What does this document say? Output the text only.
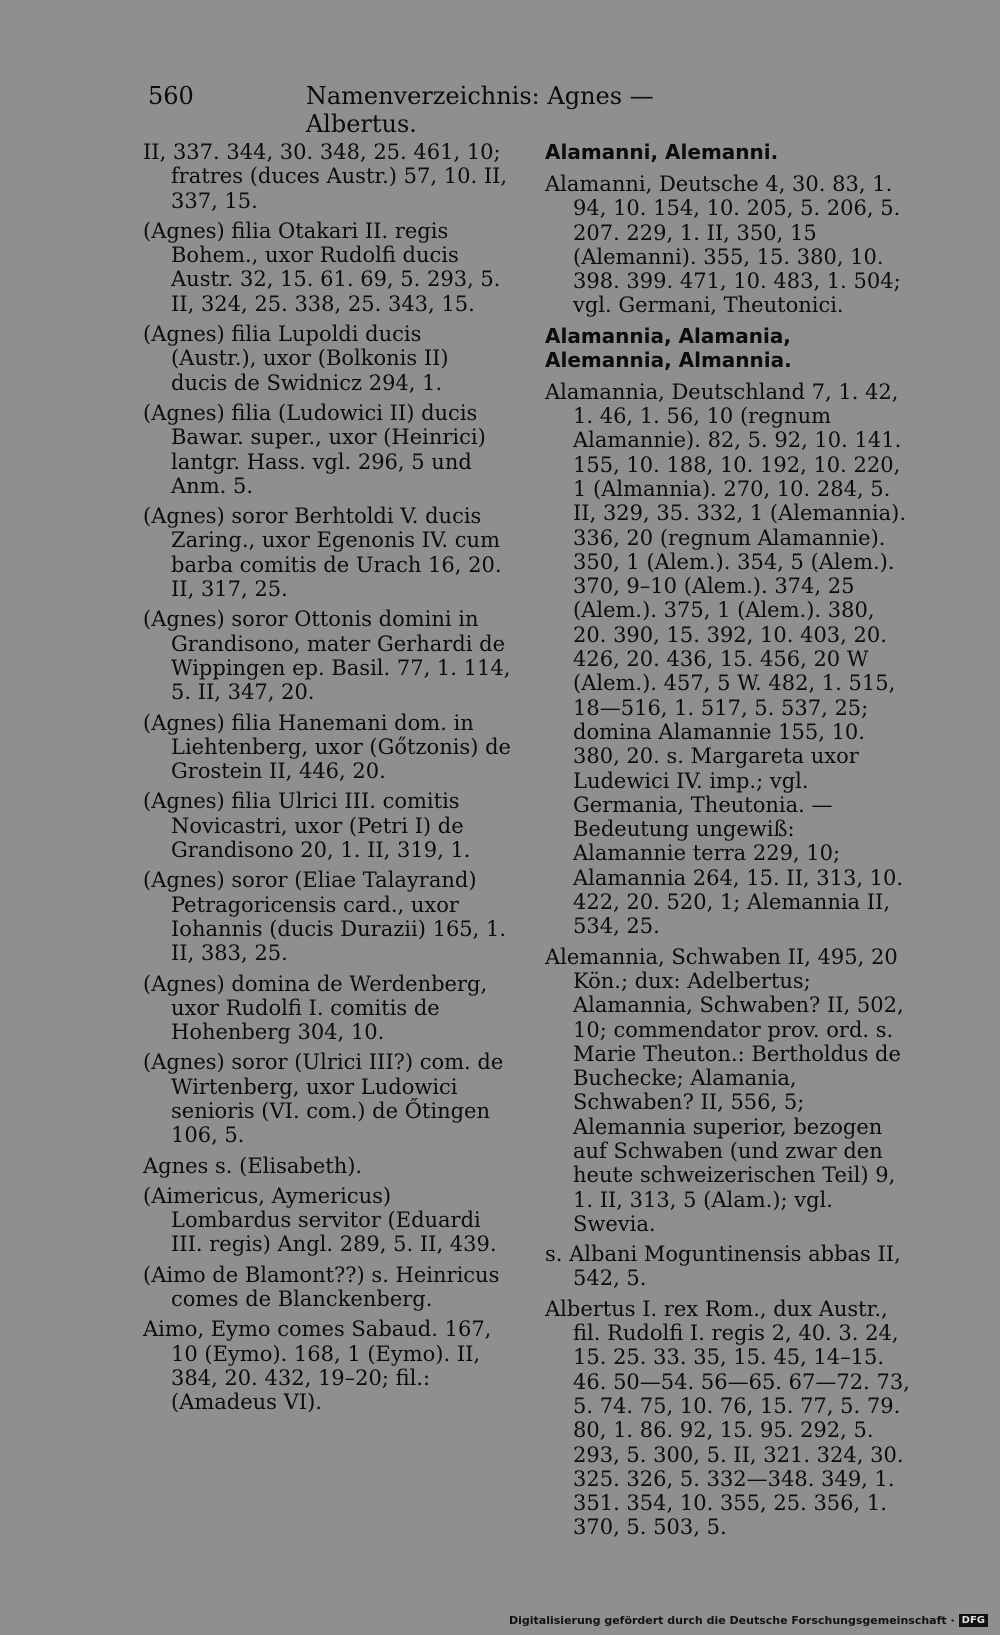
560	Namenverzeichnis: Agnes — Albertus.

II, 337. 344, 30. 348, 25. 461, 10; fratres (duces Austr.) 57, 10. II, 337, 15.

(Agnes) filia Otakari II. regis Bohem., uxor Rudolfi ducis Austr. 32, 15. 61. 69, 5. 293, 5. II, 324, 25. 338, 25. 343, 15.

(Agnes) filia Lupoldi ducis (Austr.), uxor (Bolkonis II) ducis de Swidnicz 294, 1.

(Agnes) filia (Ludowici II) ducis Bawar. super., uxor (Heinrici) lantgr. Hass. vgl. 296, 5 und Anm. 5.

(Agnes) soror Berhtoldi V. ducis Zaring., uxor Egenonis IV. cum barba comitis de Urach 16, 20. II, 317, 25.

(Agnes) soror Ottonis domini in Grandisono, mater Gerhardi de Wippingen ep. Basil. 77, 1. 114, 5. II, 347, 20.

(Agnes) filia Hanemani dom. in Liehtenberg, uxor (Gőtzonis) de Grostein II, 446, 20.

(Agnes) filia Ulrici III. comitis Novicastri, uxor (Petri I) de Grandisono 20, 1. II, 319, 1.

(Agnes) soror (Eliae Talayrand) Petragoricensis card., uxor Iohannis (ducis Durazii) 165, 1. II, 383, 25.

(Agnes) domina de Werdenberg, uxor Rudolfi I. comitis de Hohenberg 304, 10.

(Agnes) soror (Ulrici III?) com. de Wirtenberg, uxor Ludowici senioris (VI. com.) de Őtingen 106, 5.

Agnes s. (Elisabeth).

(Aimericus, Aymericus) Lombardus servitor (Eduardi III. regis) Angl. 289, 5. II, 439.

(Aimo de Blamont??) s. Heinricus comes de Blanckenberg.

Aimo, Eymo comes Sabaud. 167, 10 (Eymo). 168, 1 (Eymo). II, 384, 20. 432, 19–20; fil.: (Amadeus VI).

Alamanni, Alemanni.

Alamanni, Deutsche 4, 30. 83, 1. 94, 10. 154, 10. 205, 5. 206, 5. 207. 229, 1. II, 350, 15 (Alemanni). 355, 15. 380, 10. 398. 399. 471, 10. 483, 1. 504; vgl. Germani, Theutonici.

Alamannia, Alamania, Alemannia, Almannia.

Alamannia, Deutschland 7, 1. 42, 1. 46, 1. 56, 10 (regnum Alamannie). 82, 5. 92, 10. 141. 155, 10. 188, 10. 192, 10. 220, 1 (Almannia). 270, 10. 284, 5. II, 329, 35. 332, 1 (Alemannia). 336, 20 (regnum Alamannie). 350, 1 (Alem.). 354, 5 (Alem.). 370, 9–10 (Alem.). 374, 25 (Alem.). 375, 1 (Alem.). 380, 20. 390, 15. 392, 10. 403, 20. 426, 20. 436, 15. 456, 20 W (Alem.). 457, 5 W. 482, 1. 515, 18—516, 1. 517, 5. 537, 25; domina Alamannie 155, 10. 380, 20. s. Margareta uxor Ludewici IV. imp.; vgl. Germania, Theutonia. — Bedeutung ungewiß: Alamannie terra 229, 10; Alamannia 264, 15. II, 313, 10. 422, 20. 520, 1; Alemannia II, 534, 25.

Alemannia, Schwaben II, 495, 20 Kön.; dux: Adelbertus; Alamannia, Schwaben? II, 502, 10; commendator prov. ord. s. Marie Theuton.: Bertholdus de Buchecke; Alamania, Schwaben? II, 556, 5; Alemannia superior, bezogen auf Schwaben (und zwar den heute schweizerischen Teil) 9, 1. II, 313, 5 (Alam.); vgl. Swevia.

s. Albani Moguntinensis abbas II, 542, 5.

Albertus I. rex Rom., dux Austr., fil. Rudolfi I. regis 2, 40. 3. 24, 15. 25. 33. 35, 15. 45, 14–15. 46. 50—54. 56—65. 67—72. 73, 5. 74. 75, 10. 76, 15. 77, 5. 79. 80, 1. 86. 92, 15. 95. 292, 5. 293, 5. 300, 5. II, 321. 324, 30. 325. 326, 5. 332—348. 349, 1. 351. 354, 10. 355, 25. 356, 1. 370, 5. 503, 5.

Digitalisierung gefördert durch die Deutsche Forschungsgemeinschaft · DFG
